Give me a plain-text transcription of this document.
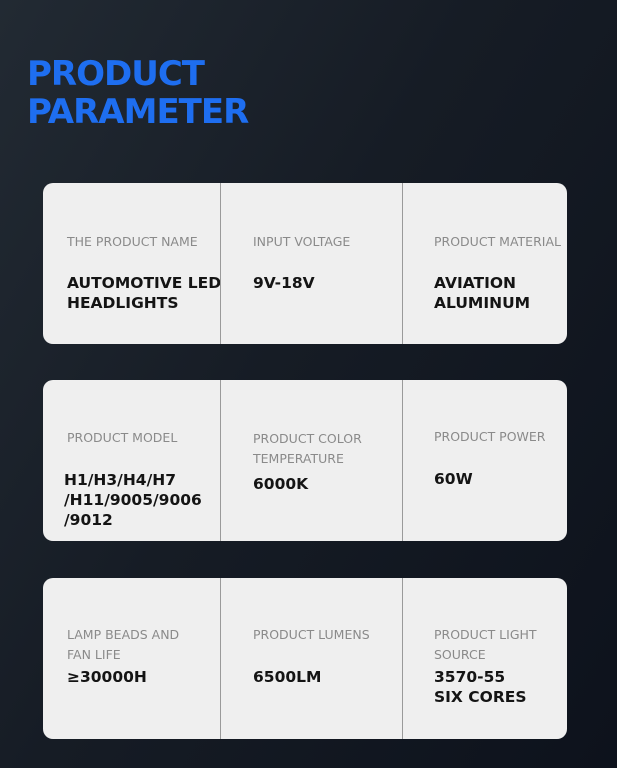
PRODUCT
PARAMETER
THE PRODUCT NAME
AUTOMOTIVE LED
HEADLIGHTS
INPUT VOLTAGE
9V-18V
PRODUCT MATERIAL
AVIATION
ALUMINUM
PRODUCT MODEL
H1/H3/H4/H7
/H11/9005/9006
/9012
PRODUCT COLOR
TEMPERATURE
6000K
PRODUCT POWER
60W
LAMP BEADS AND
FAN LIFE
≥30000H
PRODUCT LUMENS
6500LM
PRODUCT LIGHT
SOURCE
3570-55
SIX CORES
